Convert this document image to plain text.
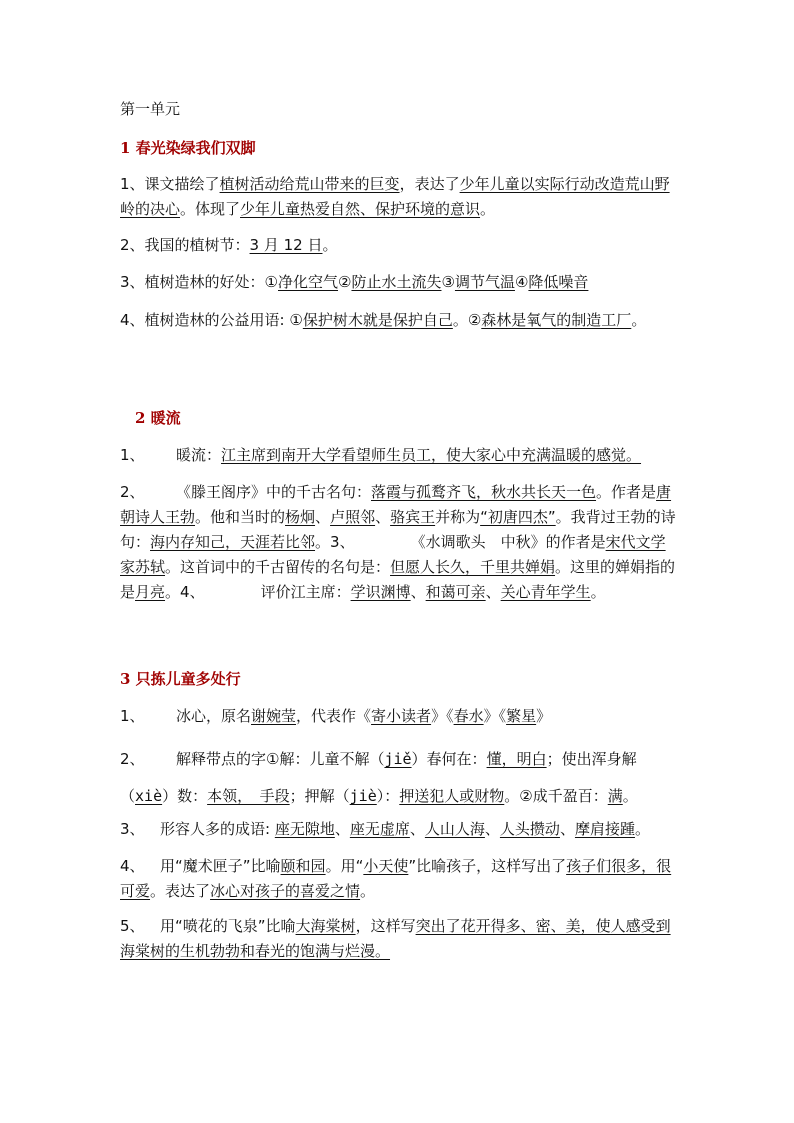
第一单元
1 春光染绿我们双脚
1、课文描绘了植树活动给荒山带来的巨变，表达了少年儿童以实际行动改造荒山野岭的决心。体现了少年儿童热爱自然、保护环境的意识。
2、我国的植树节：3 月 12 日。
3、植树造林的好处：①净化空气②防止水土流失③调节气温④降低噪音
4、植树造林的公益用语: ①保护树木就是保护自己。②森林是氧气的制造工厂。
2 暖流
1、 暖流：江主席到南开大学看望师生员工，使大家心中充满温暖的感觉。
2、 《滕王阁序》中的千古名句：落霞与孤鹜齐飞，秋水共长天一色。作者是唐朝诗人王勃。他和当时的杨炯、卢照邻、骆宾王并称为“初唐四杰”。我背过王勃的诗句：海内存知己，天涯若比邻。3、	《水调歌头　中秋》的作者是宋代文学家苏轼。这首词中的千古留传的名句是：但愿人长久，千里共婵娟。这里的婵娟指的是月亮。4、	评价江主席：学识渊博、和蔼可亲、关心青年学生。
3 只拣儿童多处行
1、 冰心，原名谢婉莹，代表作《寄小读者》《春水》《繁星》
2、 解释带点的字①解：儿童不解（jiě）春何在：懂，明白；使出浑身解（xiè）数：本领，　手段；押解（jiè）：押送犯人或财物。②成千盈百：满。
3、 形容人多的成语: 座无隙地、座无虚席、人山人海、人头攒动、摩肩接踵。
4、 用“魔术匣子”比喻颐和园。用“小天使”比喻孩子，这样写出了孩子们很多，很可爱。表达了冰心对孩子的喜爱之情。
5、 用“喷花的飞泉”比喻大海棠树，这样写突出了花开得多、密、美，使人感受到海棠树的生机勃勃和春光的饱满与烂漫。
